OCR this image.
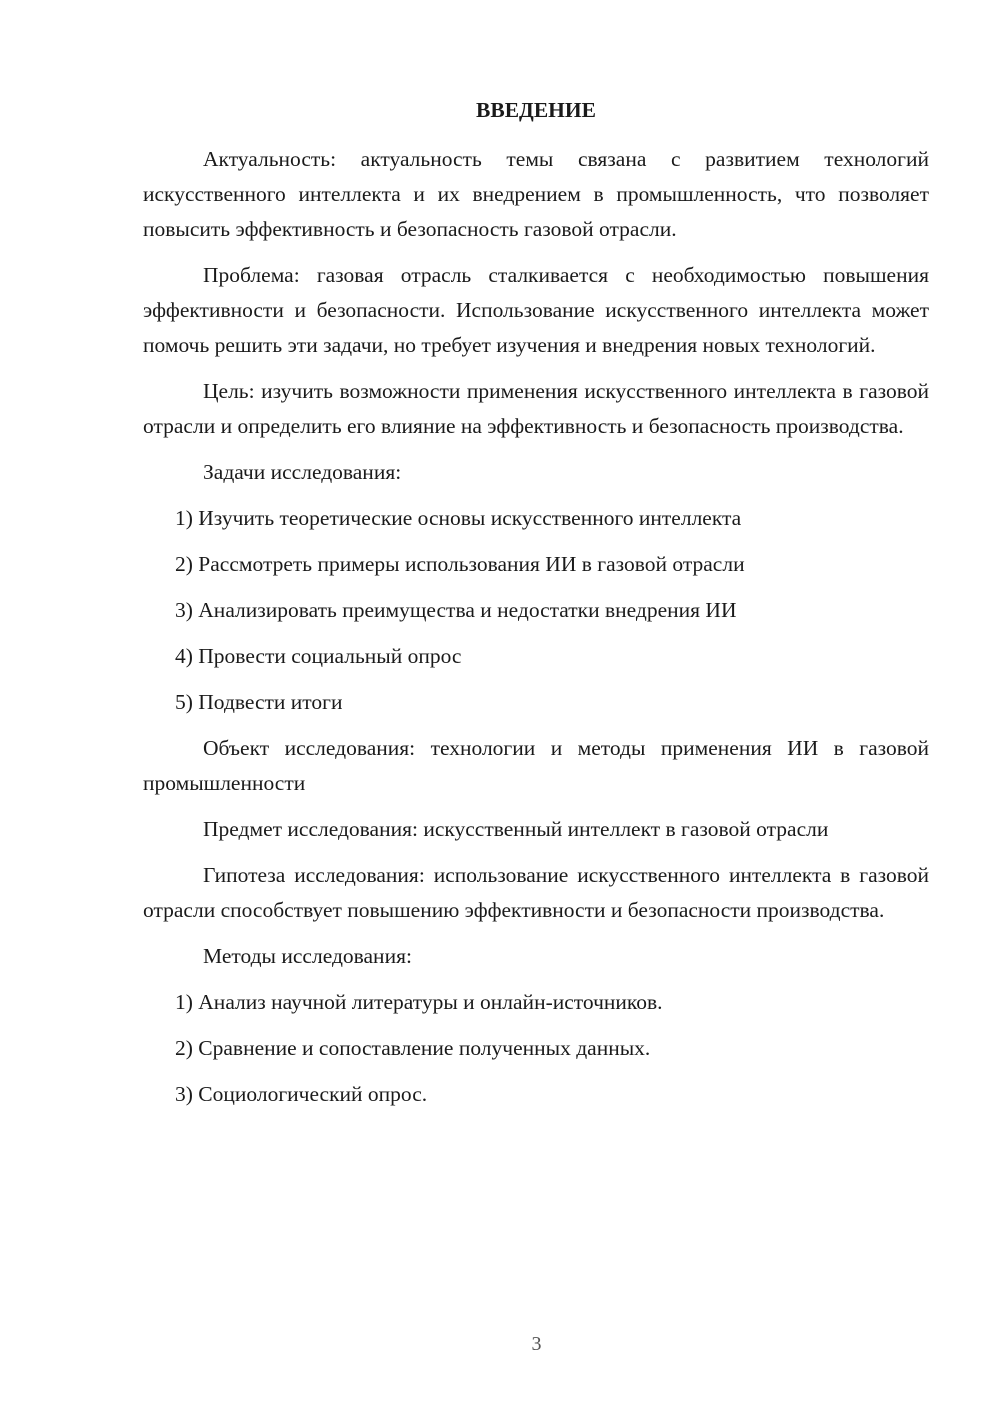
ВВЕДЕНИЕ

Актуальность: актуальность темы связана с развитием технологий искусственного интеллекта и их внедрением в промышленность, что позволяет повысить эффективность и безопасность газовой отрасли.

Проблема: газовая отрасль сталкивается с необходимостью повышения эффективности и безопасности. Использование искусственного интеллекта может помочь решить эти задачи, но требует изучения и внедрения новых технологий.

Цель: изучить возможности применения искусственного интеллекта в газовой отрасли и определить его влияние на эффективность и безопасность производства.

Задачи исследования:

1) Изучить теоретические основы искусственного интеллекта
2) Рассмотреть примеры использования ИИ в газовой отрасли
3) Анализировать преимущества и недостатки внедрения ИИ
4) Провести социальный опрос
5) Подвести итоги

Объект исследования: технологии и методы применения ИИ в газовой промышленности

Предмет исследования: искусственный интеллект в газовой отрасли

Гипотеза исследования: использование искусственного интеллекта в газовой отрасли способствует повышению эффективности и безопасности производства.

Методы исследования:

1) Анализ научной литературы и онлайн-источников.
2) Сравнение и сопоставление полученных данных.
3) Социологический опрос.
3
